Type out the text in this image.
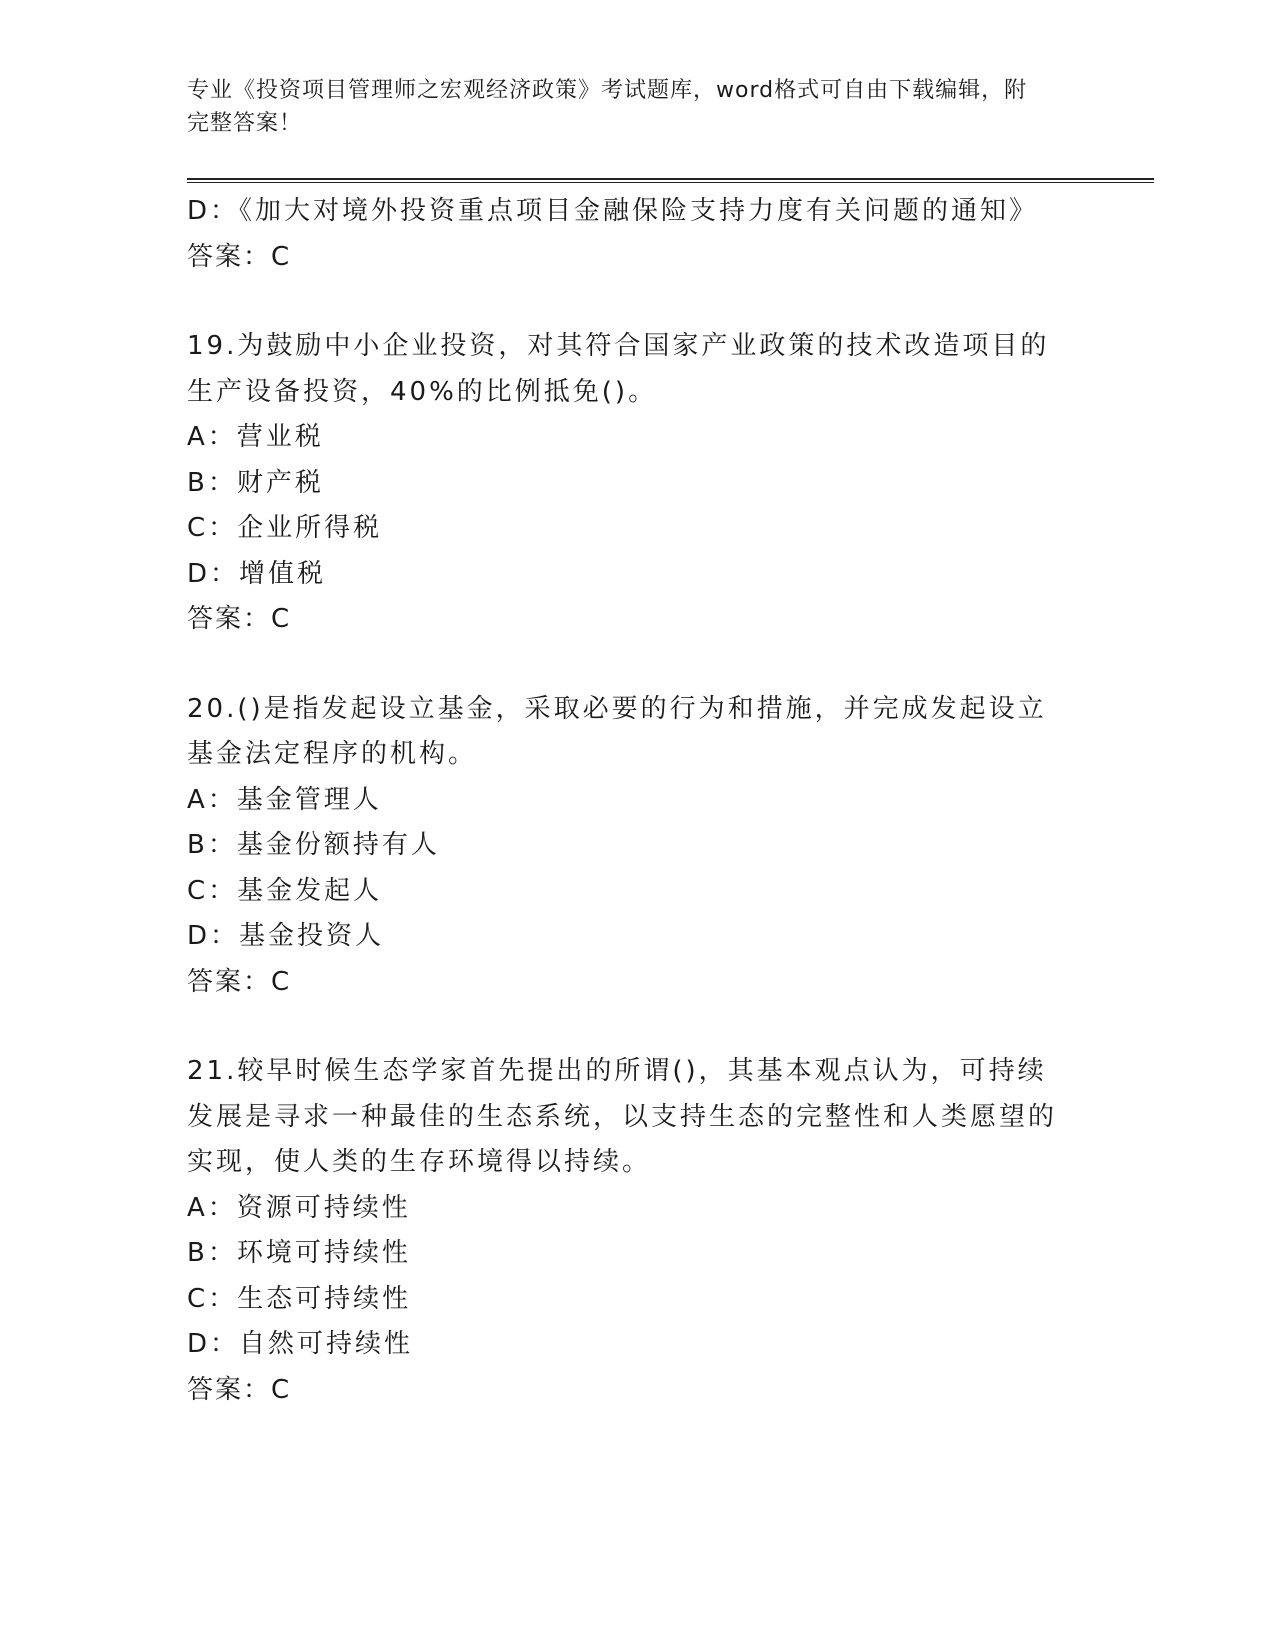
专业《投资项目管理师之宏观经济政策》考试题库，word格式可自由下载编辑，附完整答案！
D：《加大对境外投资重点项目金融保险支持力度有关问题的通知》
答案：C
19.为鼓励中小企业投资，对其符合国家产业政策的技术改造项目的生产设备投资，40%的比例抵免()。
A：营业税
B：财产税
C：企业所得税
D：增值税
答案：C
20.()是指发起设立基金，采取必要的行为和措施，并完成发起设立基金法定程序的机构。
A：基金管理人
B：基金份额持有人
C：基金发起人
D：基金投资人
答案：C
21.较早时候生态学家首先提出的所谓()，其基本观点认为，可持续发展是寻求一种最佳的生态系统，以支持生态的完整性和人类愿望的实现，使人类的生存环境得以持续。
A：资源可持续性
B：环境可持续性
C：生态可持续性
D：自然可持续性
答案：C
